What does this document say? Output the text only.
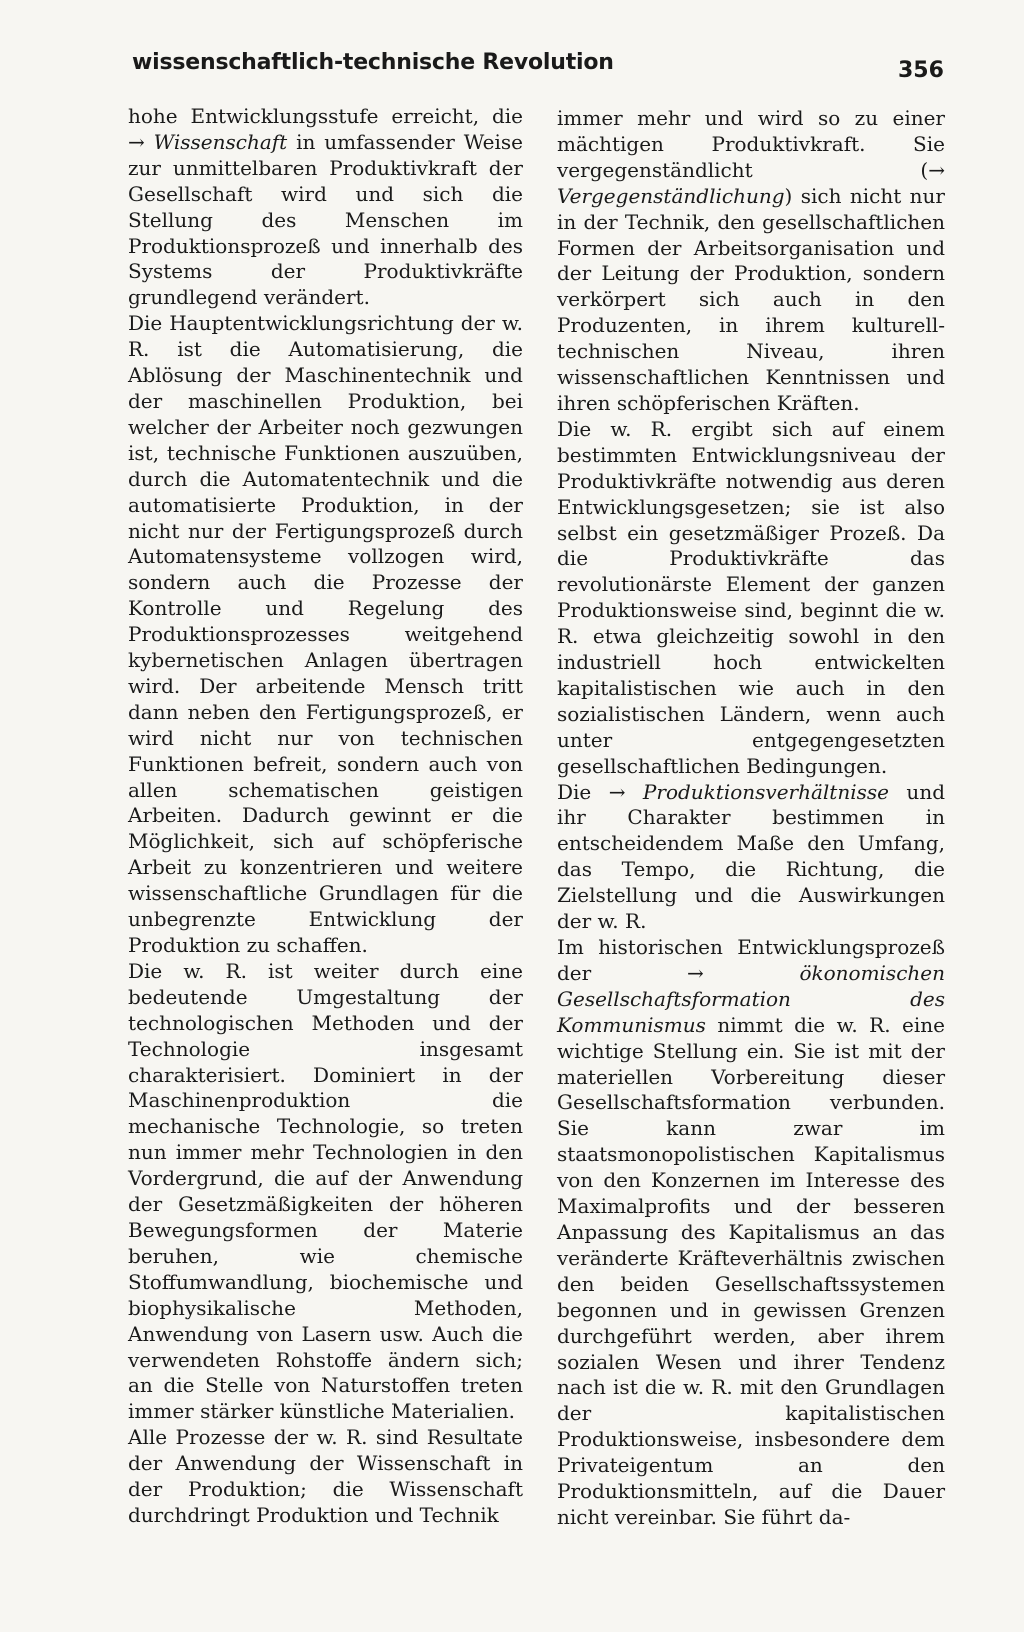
wissenschaftlich-technische Revolution	356

hohe Entwicklungsstufe erreicht, die → Wissenschaft in umfassender Weise zur unmittelbaren Produktivkraft der Gesellschaft wird und sich die Stellung des Menschen im Produktionsprozeß und innerhalb des Systems der Produktivkräfte grundlegend verändert.

Die Hauptentwicklungsrichtung der w. R. ist die Automatisierung, die Ablösung der Maschinentechnik und der maschinellen Produktion, bei welcher der Arbeiter noch gezwungen ist, technische Funktionen auszuüben, durch die Automatentechnik und die automatisierte Produktion, in der nicht nur der Fertigungsprozeß durch Automatensysteme vollzogen wird, sondern auch die Prozesse der Kontrolle und Regelung des Produktionsprozesses weitgehend kybernetischen Anlagen übertragen wird. Der arbeitende Mensch tritt dann neben den Fertigungsprozeß, er wird nicht nur von technischen Funktionen befreit, sondern auch von allen schematischen geistigen Arbeiten. Dadurch gewinnt er die Möglichkeit, sich auf schöpferische Arbeit zu konzentrieren und weitere wissenschaftliche Grundlagen für die unbegrenzte Entwicklung der Produktion zu schaffen.

Die w. R. ist weiter durch eine bedeutende Umgestaltung der technologischen Methoden und der Technologie insgesamt charakterisiert. Dominiert in der Maschinenproduktion die mechanische Technologie, so treten nun immer mehr Technologien in den Vordergrund, die auf der Anwendung der Gesetzmäßigkeiten der höheren Bewegungsformen der Materie beruhen, wie chemische Stoffumwandlung, biochemische und biophysikalische Methoden, Anwendung von Lasern usw. Auch die verwendeten Rohstoffe ändern sich; an die Stelle von Naturstoffen treten immer stärker künstliche Materialien.

Alle Prozesse der w. R. sind Resultate der Anwendung der Wissenschaft in der Produktion; die Wissenschaft durchdringt Produktion und Technik

immer mehr und wird so zu einer mächtigen Produktivkraft. Sie vergegenständlicht (→ Vergegenständlichung) sich nicht nur in der Technik, den gesellschaftlichen Formen der Arbeitsorganisation und der Leitung der Produktion, sondern verkörpert sich auch in den Produzenten, in ihrem kulturell-technischen Niveau, ihren wissenschaftlichen Kenntnissen und ihren schöpferischen Kräften.

Die w. R. ergibt sich auf einem bestimmten Entwicklungsniveau der Produktivkräfte notwendig aus deren Entwicklungsgesetzen; sie ist also selbst ein gesetzmäßiger Prozeß. Da die Produktivkräfte das revolutionärste Element der ganzen Produktionsweise sind, beginnt die w. R. etwa gleichzeitig sowohl in den industriell hoch entwickelten kapitalistischen wie auch in den sozialistischen Ländern, wenn auch unter entgegengesetzten gesellschaftlichen Bedingungen.

Die → Produktionsverhältnisse und ihr Charakter bestimmen in entscheidendem Maße den Umfang, das Tempo, die Richtung, die Zielstellung und die Auswirkungen der w. R.

Im historischen Entwicklungsprozeß der → ökonomischen Gesellschaftsformation des Kommunismus nimmt die w. R. eine wichtige Stellung ein. Sie ist mit der materiellen Vorbereitung dieser Gesellschaftsformation verbunden. Sie kann zwar im staatsmonopolistischen Kapitalismus von den Konzernen im Interesse des Maximalprofits und der besseren Anpassung des Kapitalismus an das veränderte Kräfteverhältnis zwischen den beiden Gesellschaftssystemen begonnen und in gewissen Grenzen durchgeführt werden, aber ihrem sozialen Wesen und ihrer Tendenz nach ist die w. R. mit den Grundlagen der kapitalistischen Produktionsweise, insbesondere dem Privateigentum an den Produktionsmitteln, auf die Dauer nicht vereinbar. Sie führt da-
